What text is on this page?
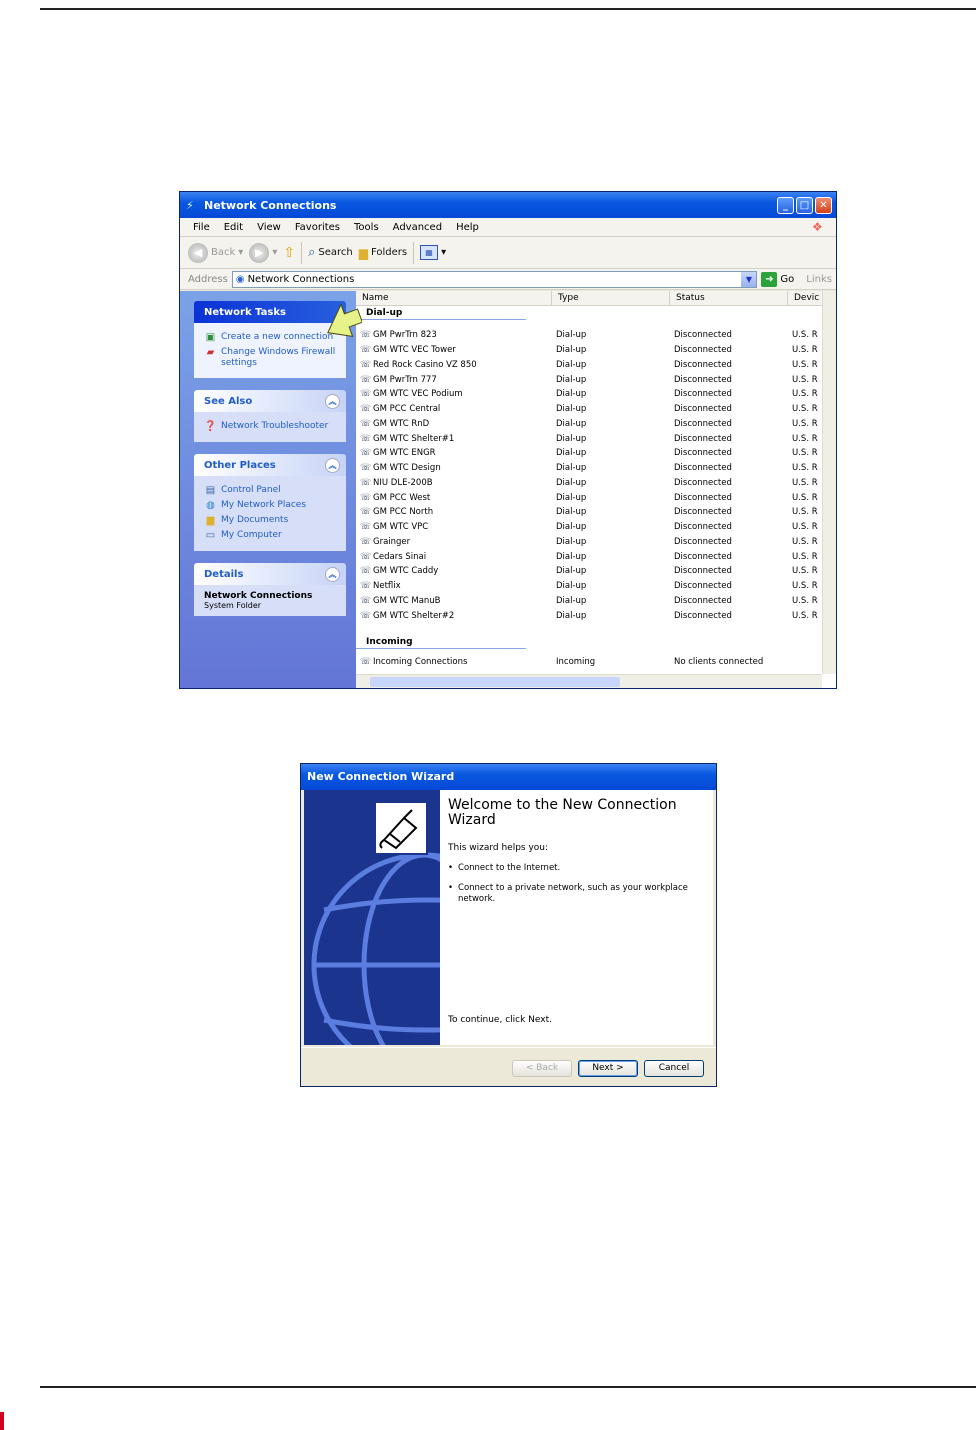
⚡ Network Connections	_	□	✕
File	Edit	View	Favorites	Tools	Advanced	Help	❖
◀ Back ▾	▶ ▾ ⇧ ⌕ Search ▆ Folders	▦ ▾
Address ◉ Network Connections	▼	➜ Go Links
Network Tasks
▣ Create a new connection
▰ Change Windows Firewall settings
See Also	︽
❓ Network Troubleshooter
Other Places	︽
▤ Control Panel
◍ My Network Places
▆ My Documents
▭ My Computer
Details	︽
Network Connections
System Folder
Name	Type	Status	Devic
Dial-up
☏ GM PwrTrn 823	Dial-up	Disconnected	U.S. R
☏ GM WTC VEC Tower	Dial-up	Disconnected	U.S. R
☏ Red Rock Casino VZ 850	Dial-up	Disconnected	U.S. R
☏ GM PwrTrn 777	Dial-up	Disconnected	U.S. R
☏ GM WTC VEC Podium	Dial-up	Disconnected	U.S. R
☏ GM PCC Central	Dial-up	Disconnected	U.S. R
☏ GM WTC RnD	Dial-up	Disconnected	U.S. R
☏ GM WTC Shelter#1	Dial-up	Disconnected	U.S. R
☏ GM WTC ENGR	Dial-up	Disconnected	U.S. R
☏ GM WTC Design	Dial-up	Disconnected	U.S. R
☏ NIU DLE-200B	Dial-up	Disconnected	U.S. R
☏ GM PCC West	Dial-up	Disconnected	U.S. R
☏ GM PCC North	Dial-up	Disconnected	U.S. R
☏ GM WTC VPC	Dial-up	Disconnected	U.S. R
☏ Grainger	Dial-up	Disconnected	U.S. R
☏ Cedars Sinai	Dial-up	Disconnected	U.S. R
☏ GM WTC Caddy	Dial-up	Disconnected	U.S. R
☏ Netflix	Dial-up	Disconnected	U.S. R
☏ GM WTC ManuB	Dial-up	Disconnected	U.S. R
☏ GM WTC Shelter#2	Dial-up	Disconnected	U.S. R
Incoming
☏ Incoming Connections	Incoming	No clients connected
New Connection Wizard
Welcome to the New Connection Wizard
This wizard helps you:
• Connect to the Internet.
• Connect to a private network, such as your workplace network.
To continue, click Next.
< Back	Next >	Cancel
